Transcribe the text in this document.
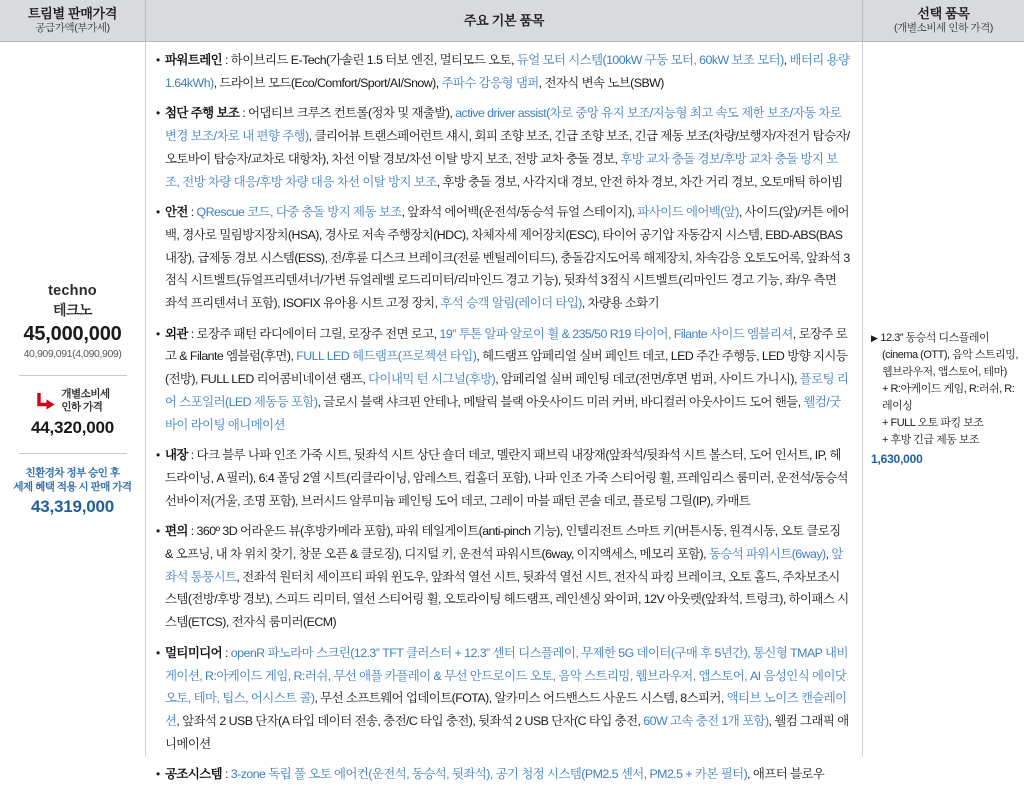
트림별 판매가격
공급가액(부가세)	주요 기본 품목	선택 품목
(개별소비세 인하 가격)
techno
테크노
45,000,000
40,909,091(4,090,909)
개별소비세
인하 가격
44,320,000
친환경차 정부 승인 후
세제 혜택 적용 시 판매 가격
43,319,000
• 파워트레인 : 하이브리드 E-Tech(가솔린 1.5 터보 엔진, 멀티모드 오토, 듀얼 모터 시스템(100kW 구동 모터, 60kW 보조 모터), 배터리 용량 1.64kWh), 드라이브 모드(Eco/Comfort/Sport/AI/Snow), 주파수 감응형 댐퍼, 전자식 변속 노브(SBW)
• 첨단 주행 보조 : 어댑티브 크루즈 컨트롤(정차 및 재출발), active driver assist(차로 중앙 유지 보조/지능형 최고 속도 제한 보조/자동 차로 변경 보조/차로 내 편향 주행), 클리어뷰 트랜스페어런트 섀시, 회피 조향 보조, 긴급 조향 보조, 긴급 제동 보조(차량/보행자/자전거 탑승자/오토바이 탑승자/교차로 대항차), 차선 이탈 경보/차선 이탈 방지 보조, 전방 교차 충돌 경보, 후방 교차 충돌 경보/후방 교차 충돌 방지 보조, 전방 차량 대응/후방 차량 대응 차선 이탈 방지 보조, 후방 충돌 경보, 사각지대 경보, 안전 하차 경보, 차간 거리 경보, 오토매틱 하이빔
• 안전 : QRescue 코드, 다중 충돌 방지 제동 보조, 앞좌석 에어백(운전석/동승석 듀얼 스테이지), 파사이드 에어백(앞), 사이드(앞)/커튼 에어백, 경사로 밀림방지장치(HSA), 경사로 저속 주행장치(HDC), 차체자세 제어장치(ESC), 타이어 공기압 자동감지 시스템, EBD-ABS(BAS 내장), 급제동 경보 시스템(ESS), 전/후륜 디스크 브레이크(전륜 벤틸레이티드), 충돌감지도어록 해제장치, 차속감응 오토도어록, 앞좌석 3점식 시트벨트(듀얼프리텐셔너/가변 듀얼레벨 로드리미터/리마인드 경고 기능), 뒷좌석 3점식 시트벨트(리마인드 경고 기능, 좌/우 측면 좌석 프리텐셔너 포함), ISOFIX 유아용 시트 고정 장치, 후석 승객 알림(레이더 타입), 차량용 소화기
• 외관 : 로장주 패턴 라디에이터 그릴, 로장주 전면 로고, 19” 투톤 알파 알로이 휠 & 235/50 R19 타이어, Filante 사이드 엠블리셔, 로장주 로고 & Filante 엠블럼(후면), FULL LED 헤드램프(프로젝션 타입), 헤드램프 암페리얼 실버 페인트 데코, LED 주간 주행등, LED 방향 지시등(전방), FULL LED 리어콤비네이션 램프, 다이내믹 턴 시그널(후방), 암페리얼 실버 페인팅 데코(전면/후면 범퍼, 사이드 가니시), 플로팅 리어 스포일러(LED 제동등 포함), 글로시 블랙 샤크핀 안테나, 메탈릭 블랙 아웃사이드 미러 커버, 바디컬러 아웃사이드 도어 핸들, 웰컴/굿바이 라이팅 애니메이션
• 내장 : 다크 블루 나파 인조 가죽 시트, 뒷좌석 시트 상단 숄더 데코, 멜란지 패브릭 내장재(앞좌석/뒷좌석 시트 볼스터, 도어 인서트, IP, 헤드라이닝, A 필러), 6:4 폴딩 2열 시트(리클라이닝, 암레스트, 컵홀더 포함), 나파 인조 가죽 스티어링 휠, 프레임리스 룸미러, 운전석/동승석 선바이저(거울, 조명 포함), 브러시드 알루미늄 페인팅 도어 데코, 그레이 마블 패턴 콘솔 데코, 플로팅 그릴(IP), 카매트
• 편의 : 360º 3D 어라운드 뷰(후방카메라 포함), 파워 테일게이트(anti-pinch 기능), 인텔리전트 스마트 키(버튼시동, 원격시동, 오토 클로징 & 오프닝, 내 차 위치 찾기, 창문 오픈 & 클로징), 디지털 키, 운전석 파워시트(6way, 이지액세스, 메모리 포함), 동승석 파워시트(6way), 앞좌석 통풍시트, 전좌석 원터치 세이프티 파워 윈도우, 앞좌석 열선 시트, 뒷좌석 열선 시트, 전자식 파킹 브레이크, 오토 홀드, 주차보조시스템(전방/후방 경보), 스피드 리미터, 열선 스티어링 휠, 오토라이팅 헤드램프, 레인센싱 와이퍼, 12V 아웃렛(앞좌석, 트렁크), 하이패스 시스템(ETCS), 전자식 룸미러(ECM)
• 멀티미디어 : openR 파노라마 스크린(12.3” TFT 클러스터 + 12.3” 센터 디스플레이, 무제한 5G 데이터(구매 후 5년간), 통신형 TMAP 내비게이션, R:아케이드 게임, R:러쉬, 무선 애플 카플레이 & 무선 안드로이드 오토, 음악 스트리밍, 웹브라우저, 앱스토어, AI 음성인식 에이닷 오토, 테마, 팁스, 어시스트 콜), 무선 소프트웨어 업데이트(FOTA), 알카미스 어드밴스드 사운드 시스템, 8스피커, 액티브 노이즈 캔슬레이션, 앞좌석 2 USB 단자(A 타입 데이터 전송, 충전/C 타입 충전), 뒷좌석 2 USB 단자(C 타입 충전, 60W 고속 충전 1개 포함), 웰컴 그래픽 애니메이션
• 공조시스템 : 3-zone 독립 풀 오토 에어컨(운전석, 동승석, 뒷좌석), 공기 청정 시스템(PM2.5 센서, PM2.5 + 카본 필터), 애프터 블로우
▶ 12.3” 동승석 디스플레이
(cinema (OTT), 음악 스트리밍,
웹브라우저, 앱스토어, 테마)
+ R:아케이드 게임, R:러쉬, R:레이싱
+ FULL 오토 파킹 보조
+ 후방 긴급 제동 보조
1,630,000
